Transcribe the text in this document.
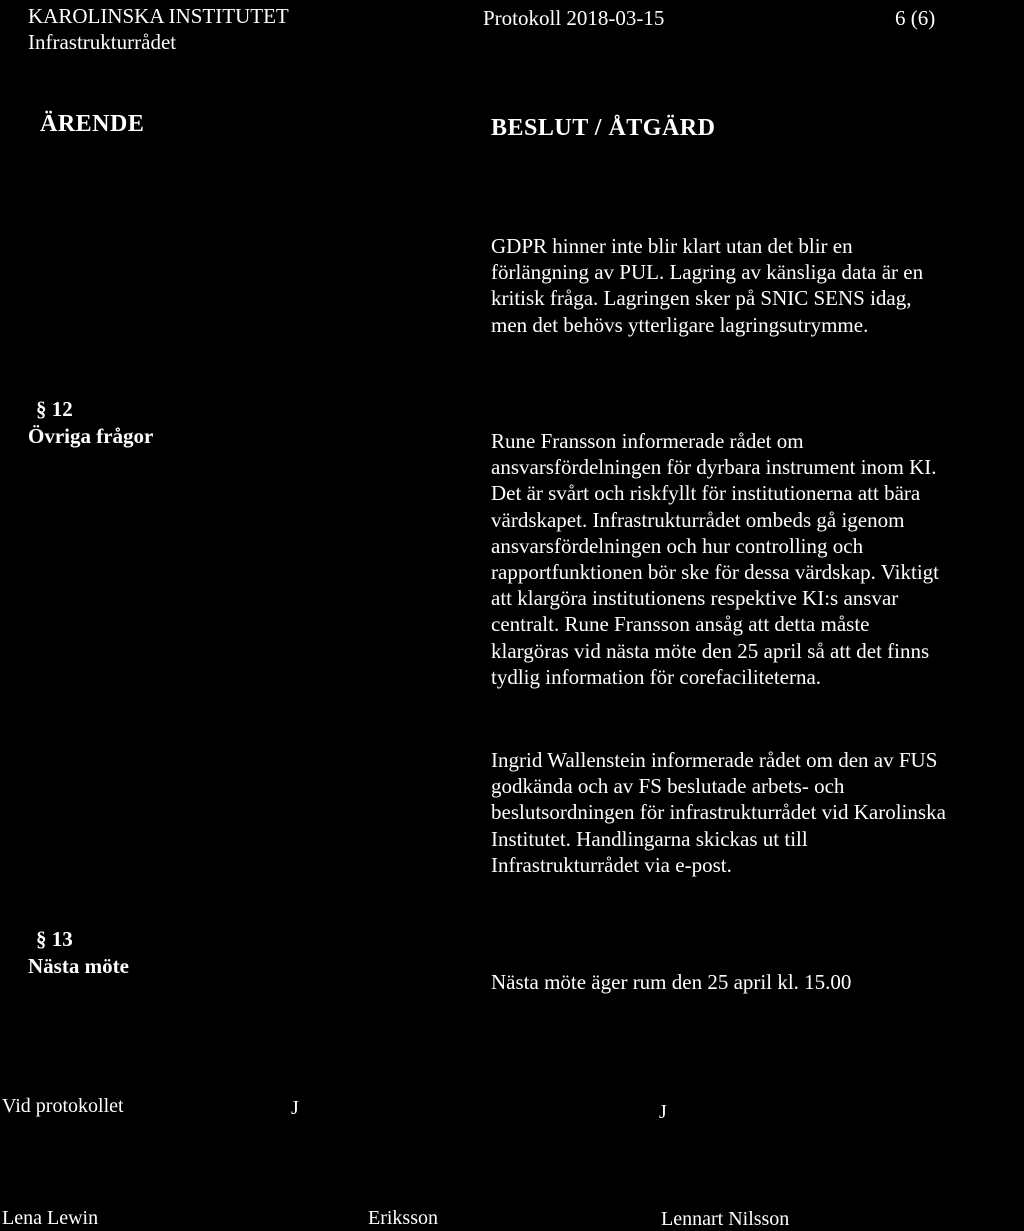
KAROLINSKA INSTITUTET
Infrastrukturrådet
Protokoll 2018-03-15	6 (6)
ÄRENDE	BESLUT / ÅTGÄRD

GDPR hinner inte blir klart utan det blir en

förlängning av PUL. Lagring av känsliga data är en

kritisk fråga. Lagringen sker på SNIC SENS idag,

men det behövs ytterligare lagringsutrymme.

§ 12
Övriga frågor	Rune Fransson informerade rådet om

ansvarsfördelningen för dyrbara instrument inom KI.

Det är svårt och riskfyllt för institutionerna att bära

värdskapet. Infrastrukturrådet ombeds gå igenom

ansvarsfördelningen och hur controlling och

rapportfunktionen bör ske för dessa värdskap. Viktigt

att klargöra institutionens respektive KI:s ansvar

centralt. Rune Fransson ansåg att detta måste

klargöras vid nästa möte den 25 april så att det finns

tydlig information för corefaciliteterna.

Ingrid Wallenstein informerade rådet om den av FUS

godkända och av FS beslutade arbets- och

beslutsordningen för infrastrukturrådet vid Karolinska

Institutet. Handlingarna skickas ut till

Infrastrukturrådet via e-post.

§ 13
Nästa möte

Nästa möte äger rum den 25 april kl. 15.00

Vid protokollet	J	J
Lena Lewin	Eriksson	Lennart Nilsson
